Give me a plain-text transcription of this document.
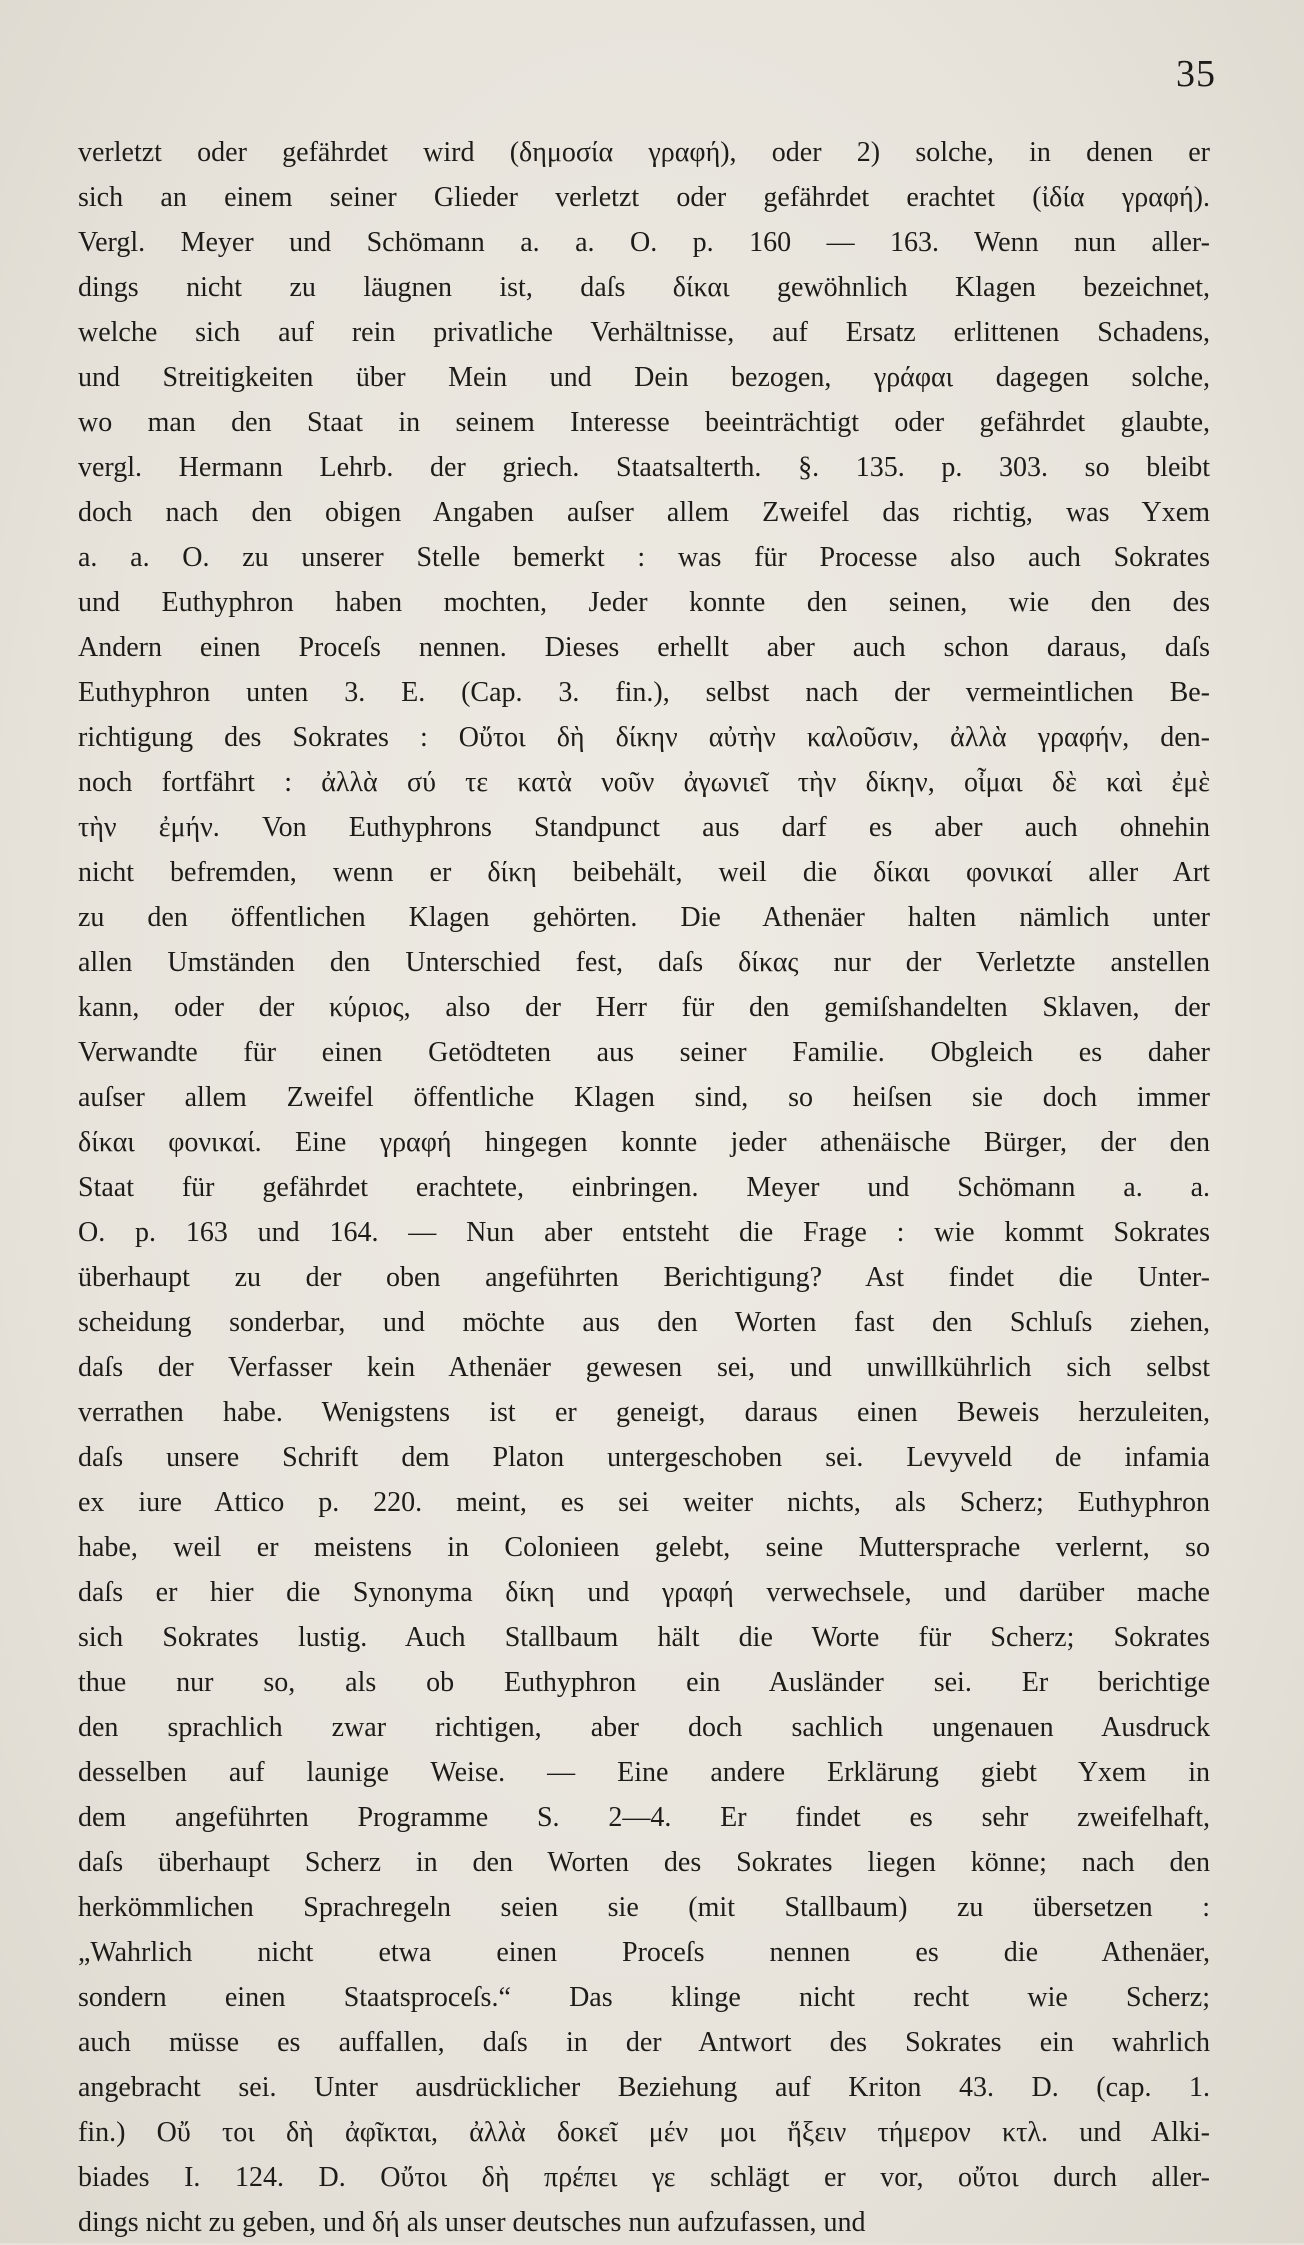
35
verletzt oder gefährdet wird (δημοσία γραφή), oder 2) solche, in denen er
sich an einem seiner Glieder verletzt oder gefährdet erachtet (ἰδία γραφή).
Vergl. Meyer und Schömann a. a. O. p. 160 — 163. Wenn nun aller-
dings nicht zu läugnen ist, daſs δίκαι gewöhnlich Klagen bezeichnet,
welche sich auf rein privatliche Verhältnisse, auf Ersatz erlittenen Schadens,
und Streitigkeiten über Mein und Dein bezogen, γράφαι dagegen solche,
wo man den Staat in seinem Interesse beeinträchtigt oder gefährdet glaubte,
vergl. Hermann Lehrb. der griech. Staatsalterth. §. 135. p. 303. so bleibt
doch nach den obigen Angaben auſser allem Zweifel das richtig, was Yxem
a. a. O. zu unserer Stelle bemerkt : was für Processe also auch Sokrates
und Euthyphron haben mochten, Jeder konnte den seinen, wie den des
Andern einen Proceſs nennen. Dieses erhellt aber auch schon daraus, daſs
Euthyphron unten 3. E. (Cap. 3. fin.), selbst nach der vermeintlichen Be-
richtigung des Sokrates : Οὔτοι δὴ δίκην αὐτὴν καλοῦσιν, ἀλλὰ γραφήν, den-
noch fortfährt : ἀλλὰ σύ τε κατὰ νοῦν ἀγωνιεῖ τὴν δίκην, οἶμαι δὲ καὶ ἐμὲ
τὴν ἐμήν. Von Euthyphrons Standpunct aus darf es aber auch ohnehin
nicht befremden, wenn er δίκη beibehält, weil die δίκαι φονικαί aller Art
zu den öffentlichen Klagen gehörten. Die Athenäer halten nämlich unter
allen Umständen den Unterschied fest, daſs δίκας nur der Verletzte anstellen
kann, oder der κύριος, also der Herr für den gemiſshandelten Sklaven, der
Verwandte für einen Getödteten aus seiner Familie. Obgleich es daher
auſser allem Zweifel öffentliche Klagen sind, so heiſsen sie doch immer
δίκαι φονικαί. Eine γραφή hingegen konnte jeder athenäische Bürger, der den
Staat für gefährdet erachtete, einbringen. Meyer und Schömann a. a.
O. p. 163 und 164. — Nun aber entsteht die Frage : wie kommt Sokrates
überhaupt zu der oben angeführten Berichtigung? Ast findet die Unter-
scheidung sonderbar, und möchte aus den Worten fast den Schluſs ziehen,
daſs der Verfasser kein Athenäer gewesen sei, und unwillkührlich sich selbst
verrathen habe. Wenigstens ist er geneigt, daraus einen Beweis herzuleiten,
daſs unsere Schrift dem Platon untergeschoben sei. Levyveld de infamia
ex iure Attico p. 220. meint, es sei weiter nichts, als Scherz; Euthyphron
habe, weil er meistens in Colonieen gelebt, seine Muttersprache verlernt, so
daſs er hier die Synonyma δίκη und γραφή verwechsele, und darüber mache
sich Sokrates lustig. Auch Stallbaum hält die Worte für Scherz; Sokrates
thue nur so, als ob Euthyphron ein Ausländer sei. Er berichtige
den sprachlich zwar richtigen, aber doch sachlich ungenauen Ausdruck
desselben auf launige Weise. — Eine andere Erklärung giebt Yxem in
dem angeführten Programme S. 2—4. Er findet es sehr zweifelhaft,
daſs überhaupt Scherz in den Worten des Sokrates liegen könne; nach den
herkömmlichen Sprachregeln seien sie (mit Stallbaum) zu übersetzen :
„Wahrlich nicht etwa einen Proceſs nennen es die Athenäer,
sondern einen Staatsproceſs.“ Das klinge nicht recht wie Scherz;
auch müsse es auffallen, daſs in der Antwort des Sokrates ein wahrlich
angebracht sei. Unter ausdrücklicher Beziehung auf Kriton 43. D. (cap. 1.
fin.) Οὔ τοι δὴ ἀφῖκται, ἀλλὰ δοκεῖ μέν μοι ἥξειν τήμερον κτλ. und Alki-
biades I. 124. D. Οὔτοι δὴ πρέπει γε schlägt er vor, οὔτοι durch aller-
dings nicht zu geben, und δή als unser deutsches nun aufzufassen, und
